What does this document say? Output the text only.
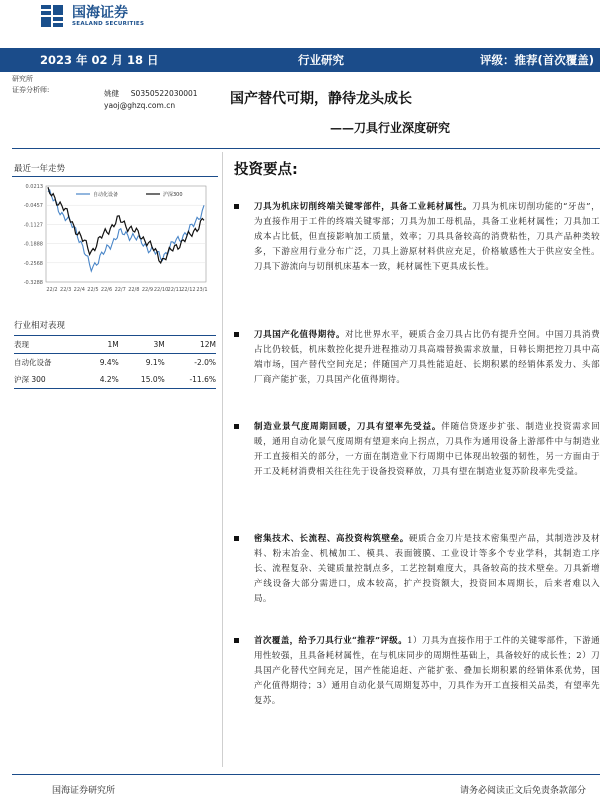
国海证券
SEALAND SECURITIES
2023 年 02 月 18 日	行业研究	评级：推荐(首次覆盖)
研究所
证券分析师:	姚健 S0350522030001
yaoj@ghzq.com.cn	国产替代可期，静待龙头成长
——刀具行业深度研究
最近一年走势
0.0213
-0.0457
-0.1127
-0.1888
-0.2568
-0.3288
22/2 22/3 22/4 22/5 22/6 22/7 22/8 22/9 22/10 22/11 22/12 23/1
自动化设备	沪深300
行业相对表现
表现	1M	3M	12M
自动化设备	9.4%	9.1%	-2.0%
沪深 300	4.2%	15.0%	-11.6%
投资要点:

刀具为机床切削终端关键零部件，具备工业耗材属性。刀具为机床切削功能的“牙齿”，为直接作用于工件的终端关键零部；刀具为加工母机品，具备工业耗材属性；刀具加工成本占比低，但直接影响加工质量，效率；刀具具备较高的消费粘性，刀具产品种类较多，下游应用行业分布广泛，刀具上游原材料供应充足，价格敏感性大于供应安全性。刀具下游流向与切削机床基本一致，耗材属性下更具成长性。

刀具国产化值得期待。对比世界水平，硬质合金刀具占比仍有提升空间。中国刀具消费占比仍较低，机床数控化提升进程推动刀具高端替换需求放量，日韩长期把控刀具中高端市场，国产替代空间充足；伴随国产刀具性能追赶、长期积累的经销体系发力、头部厂商产能扩张，刀具国产化值得期待。

制造业景气度周期回暖，刀具有望率先受益。伴随信贷逐步扩张、制造业投资需求回暖，通用自动化景气度周期有望迎来向上拐点，刀具作为通用设备上游部件中与制造业开工直接相关的部分，一方面在制造业下行周期中已体现出较强的韧性，另一方面由于开工及耗材消费相关往往先于设备投资释放，刀具有望在制造业复苏阶段率先受益。

密集技术、长流程、高投资构筑壁垒。硬质合金刀片是技术密集型产品，其制造涉及材料、粉末冶金、机械加工、模具、表面镀膜、工业设计等多个专业学科，其制造工序长、流程复杂、关键质量控制点多，工艺控制难度大，具备较高的技术壁垒。刀具新增产线设备大部分需进口，成本较高，扩产投资额大，投资回本周期长，后来者难以入局。

首次覆盖，给予刀具行业“推荐”评级。1）刀具为直接作用于工件的关键零部件，下游通用性较强，且具备耗材属性，在与机床同步的周期性基础上，具备较好的成长性；2）刀具国产化替代空间充足，国产性能追赶、产能扩张、叠加长期积累的经销体系优势，国产化值得期待；3）通用自动化景气周期复苏中，刀具作为开工直接相关品类，有望率先复苏。

国海证券研究所	请务必阅读正文后免责条款部分
